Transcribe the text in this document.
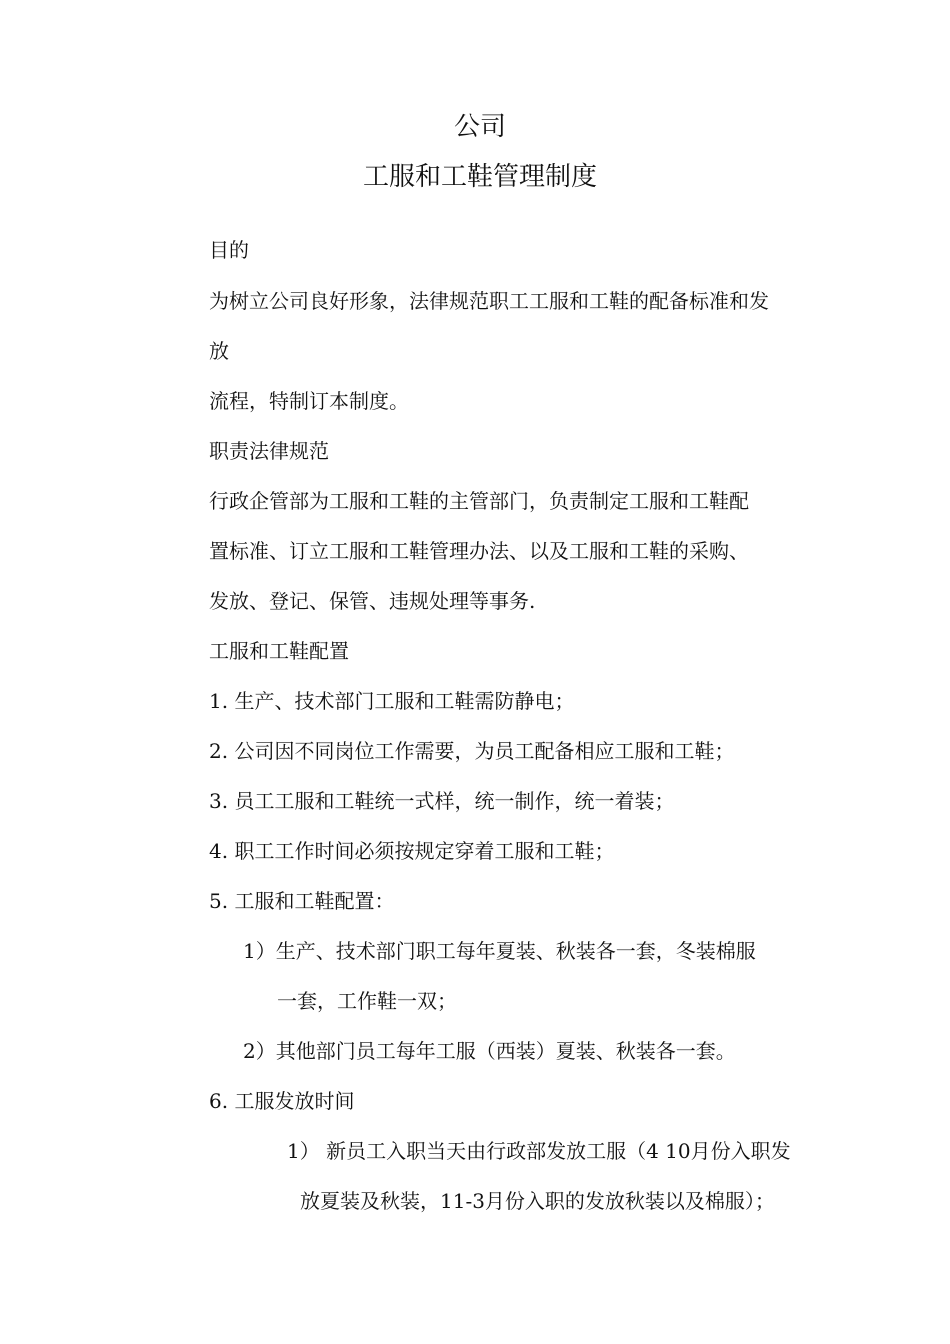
公司
工服和工鞋管理制度
目的
为树立公司良好形象，法律规范职工工服和工鞋的配备标准和发
放
流程，特制订本制度。
职责法律规范
行政企管部为工服和工鞋的主管部门，负责制定工服和工鞋配
置标准、订立工服和工鞋管理办法、以及工服和工鞋的采购、
发放、登记、保管、违规处理等事务.
工服和工鞋配置
1. 生产、技术部门工服和工鞋需防静电；
2. 公司因不同岗位工作需要，为员工配备相应工服和工鞋；
3. 员工工服和工鞋统一式样，统一制作，统一着装；
4. 职工工作时间必须按规定穿着工服和工鞋；
5. 工服和工鞋配置：
1）生产、技术部门职工每年夏装、秋装各一套，冬装棉服
一套，工作鞋一双；
2）其他部门员工每年工服（西装）夏装、秋装各一套。
6. 工服发放时间
1） 新员工入职当天由行政部发放工服（4 10月份入职发
放夏装及秋装，11-3月份入职的发放秋装以及棉服）；
